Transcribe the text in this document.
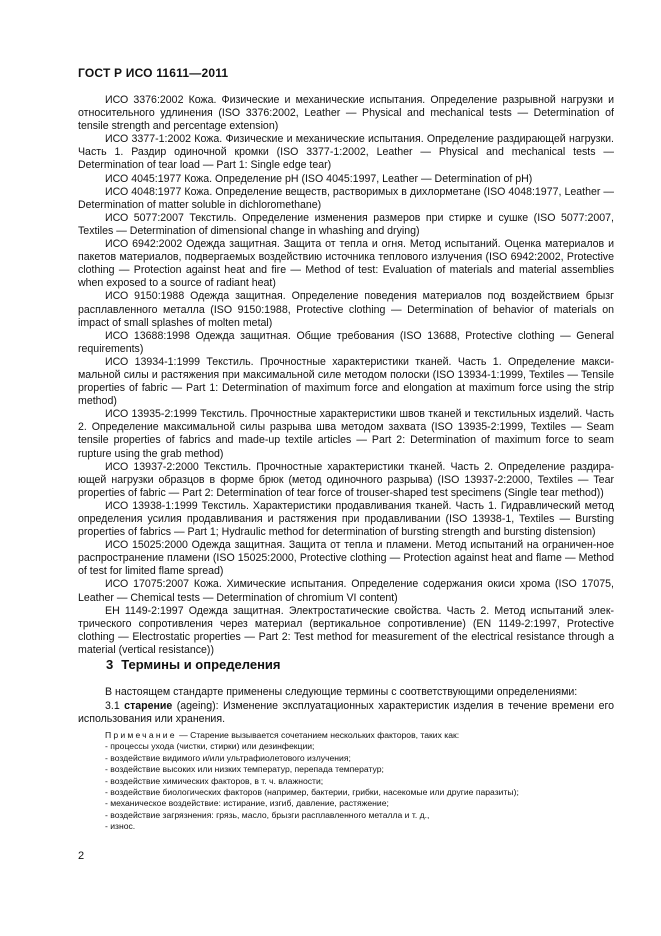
ГОСТ Р ИСО 11611—2011

ИСО 3376:2002 Кожа. Физические и механические испытания. Определение разрывной нагрузки и относительного удлинения (ISO 3376:2002, Leather — Physical and mechanical tests — Determination of tensile strength and percentage extension)

ИСО 3377-1:2002 Кожа. Физические и механические испытания. Определение раздирающей нагрузки. Часть 1. Раздир одиночной кромки (ISO 3377-1:2002, Leather — Physical and mechanical tests — Determination of tear load — Part 1: Single edge tear)

ИСО 4045:1977 Кожа. Определение pH (ISO 4045:1997, Leather — Determination of pH)

ИСО 4048:1977 Кожа. Определение веществ, растворимых в дихлорметане (ISO 4048:1977, Leather — Determination of matter soluble in dichloromethane)

ИСО 5077:2007 Текстиль. Определение изменения размеров при стирке и сушке (ISO 5077:2007, Textiles — Determination of dimensional change in whashing and drying)

ИСО 6942:2002 Одежда защитная. Защита от тепла и огня. Метод испытаний. Оценка материалов и пакетов материалов, подвергаемых воздействию источника теплового излучения (ISO 6942:2002, Protective clothing — Protection against heat and fire — Method of test: Evaluation of materials and material assemblies when exposed to a source of radiant heat)

ИСО 9150:1988 Одежда защитная. Определение поведения материалов под воздействием брызг расплавленного металла (ISO 9150:1988, Protective clothing — Determination of behavior of materials on impact of small splashes of molten metal)

ИСО 13688:1998 Одежда защитная. Общие требования (ISO 13688, Protective clothing — General requirements)

ИСО 13934-1:1999 Текстиль. Прочностные характеристики тканей. Часть 1. Определение макси-мальной силы и растяжения при максимальной силе методом полоски (ISO 13934-1:1999, Textiles — Tensile properties of fabric — Part 1: Determination of maximum force and elongation at maximum force using the strip method)

ИСО 13935-2:1999 Текстиль. Прочностные характеристики швов тканей и текстильных изделий. Часть 2. Определение максимальной силы разрыва шва методом захвата (ISO 13935-2:1999, Textiles — Seam tensile properties of fabrics and made-up textile articles — Part 2: Determination of maximum force to seam rupture using the grab method)

ИСО 13937-2:2000 Текстиль. Прочностные характеристики тканей. Часть 2. Определение раздира-ющей нагрузки образцов в форме брюк (метод одиночного разрыва) (ISO 13937-2:2000, Textiles — Tear properties of fabric — Part 2: Determination of tear force of trouser-shaped test specimens (Single tear method))

ИСО 13938-1:1999 Текстиль. Характеристики продавливания тканей. Часть 1. Гидравлический метод определения усилия продавливания и растяжения при продавливании (ISO 13938-1, Textiles — Bursting properties of fabrics — Part 1; Hydraulic method for determination of bursting strength and bursting distension)

ИСО 15025:2000 Одежда защитная. Защита от тепла и пламени. Метод испытаний на ограничен-ное распространение пламени (ISO 15025:2000, Protective clothing — Protection against heat and flame — Method of test for limited flame spread)

ИСО 17075:2007 Кожа. Химические испытания. Определение содержания окиси хрома (ISO 17075, Leather — Chemical tests — Determination of chromium VI content)

ЕН 1149-2:1997 Одежда защитная. Электростатические свойства. Часть 2. Метод испытаний элек-трического сопротивления через материал (вертикальное сопротивление) (EN 1149-2:1997, Protective clothing — Electrostatic properties — Part 2: Test method for measurement of the electrical resistance through a material (vertical resistance))

3 Термины и определения

В настоящем стандарте применены следующие термины с соответствующими определениями:

3.1 старение (ageing): Изменение эксплуатационных характеристик изделия в течение времени его использования или хранения.

Примечание — Старение вызывается сочетанием нескольких факторов, таких как:

- процессы ухода (чистки, стирки) или дезинфекции;

- воздействие видимого и/или ультрафиолетового излучения;

- воздействие высоких или низких температур, перепада температур;

- воздействие химических факторов, в т. ч. влажности;

- воздействие биологических факторов (например, бактерии, грибки, насекомые или другие паразиты);

- механическое воздействие: истирание, изгиб, давление, растяжение;

- воздействие загрязнения: грязь, масло, брызги расплавленного металла и т. д.,

- износ.

2
